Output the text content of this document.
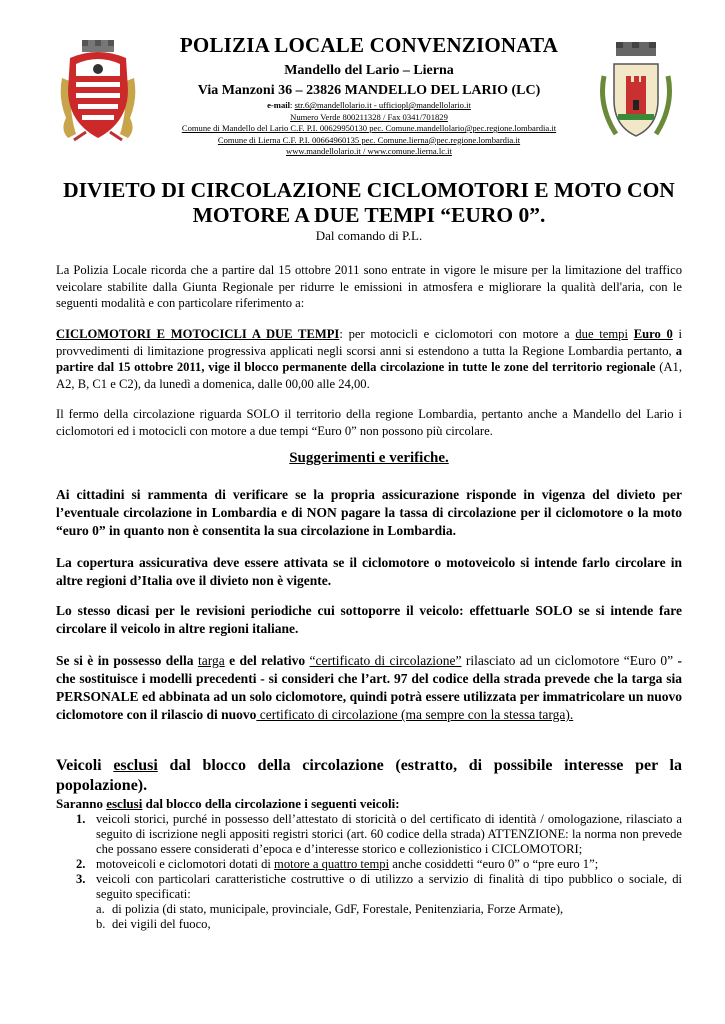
POLIZIA LOCALE CONVENZIONATA
Mandello del Lario – Lierna
Via Manzoni 36 – 23826 MANDELLO DEL LARIO (LC)
e-mail: str.6@mandellolario.it - ufficiopl@mandellolario.it
Numero Verde 800211328 / Fax 0341/701829
Comune di Mandello del Lario C.F. P.I. 00629950130 pec. Comune.mandellolario@pec.regione.lombardia.it
Comune di Lierna C.F. P.I. 00664960135 pec. Comune.lierna@pec.regione.lombardia.it
www.mandellolario.it / www.comune.lierna.lc.it
DIVIETO DI CIRCOLAZIONE CICLOMOTORI E MOTO CON MOTORE A DUE TEMPI “EURO 0”.
Dal comando di P.L.
La Polizia Locale ricorda che a partire dal 15 ottobre 2011 sono entrate in vigore le misure per la limitazione del traffico veicolare stabilite dalla Giunta Regionale per ridurre le emissioni in atmosfera e migliorare la qualità dell'aria, con le seguenti modalità e con particolare riferimento a:
CICLOMOTORI E MOTOCICLI A DUE TEMPI: per motocicli e ciclomotori con motore a due tempi Euro 0 i provvedimenti di limitazione progressiva applicati negli scorsi anni si estendono a tutta la Regione Lombardia pertanto, a partire dal 15 ottobre 2011, vige il blocco permanente della circolazione in tutte le zone del territorio regionale (A1, A2, B, C1 e C2), da lunedì a domenica, dalle 00,00 alle 24,00.
Il fermo della circolazione riguarda SOLO il territorio della regione Lombardia, pertanto anche a Mandello del Lario i ciclomotori ed i motocicli con motore a due tempi “Euro 0” non possono più circolare.
Suggerimenti e verifiche.
Ai cittadini si rammenta di verificare se la propria assicurazione risponde in vigenza del divieto per l’eventuale circolazione in Lombardia e di NON pagare la tassa di circolazione per il ciclomotore o la moto “euro 0” in quanto non è consentita la sua circolazione in Lombardia.
La copertura assicurativa deve essere attivata se il ciclomotore o motoveicolo si intende farlo circolare in altre regioni d’Italia ove il divieto non è vigente.
Lo stesso dicasi per le revisioni periodiche cui sottoporre il veicolo: effettuarle SOLO se si intende fare circolare il veicolo in altre regioni italiane.
Se si è in possesso della targa e del relativo “certificato di circolazione” rilasciato ad un ciclomotore “Euro 0” - che sostituisce i modelli precedenti - si consideri che l’art. 97 del codice della strada prevede che la targa sia PERSONALE ed abbinata ad un solo ciclomotore, quindi potrà essere utilizzata per immatricolare un nuovo ciclomotore con il rilascio di nuovo certificato di circolazione (ma sempre con la stessa targa).
Veicoli esclusi dal blocco della circolazione (estratto, di possibile interesse per la popolazione).
Saranno esclusi dal blocco della circolazione i seguenti veicoli:
1. veicoli storici, purché in possesso dell’attestato di storicità o del certificato di identità / omologazione, rilasciato a seguito di iscrizione negli appositi registri storici (art. 60 codice della strada) ATTENZIONE: la norma non prevede che possano essere considerati d’epoca e d’interesse storico e collezionistico i CICLOMOTORI;
2. motoveicoli e ciclomotori dotati di motore a quattro tempi anche cosiddetti “euro 0” o “pre euro 1”;
3. veicoli con particolari caratteristiche costruttive o di utilizzo a servizio di finalità di tipo pubblico o sociale, di seguito specificati:
a. di polizia (di stato, municipale, provinciale, GdF, Forestale, Penitenziaria, Forze Armate),
b. dei vigili del fuoco,
